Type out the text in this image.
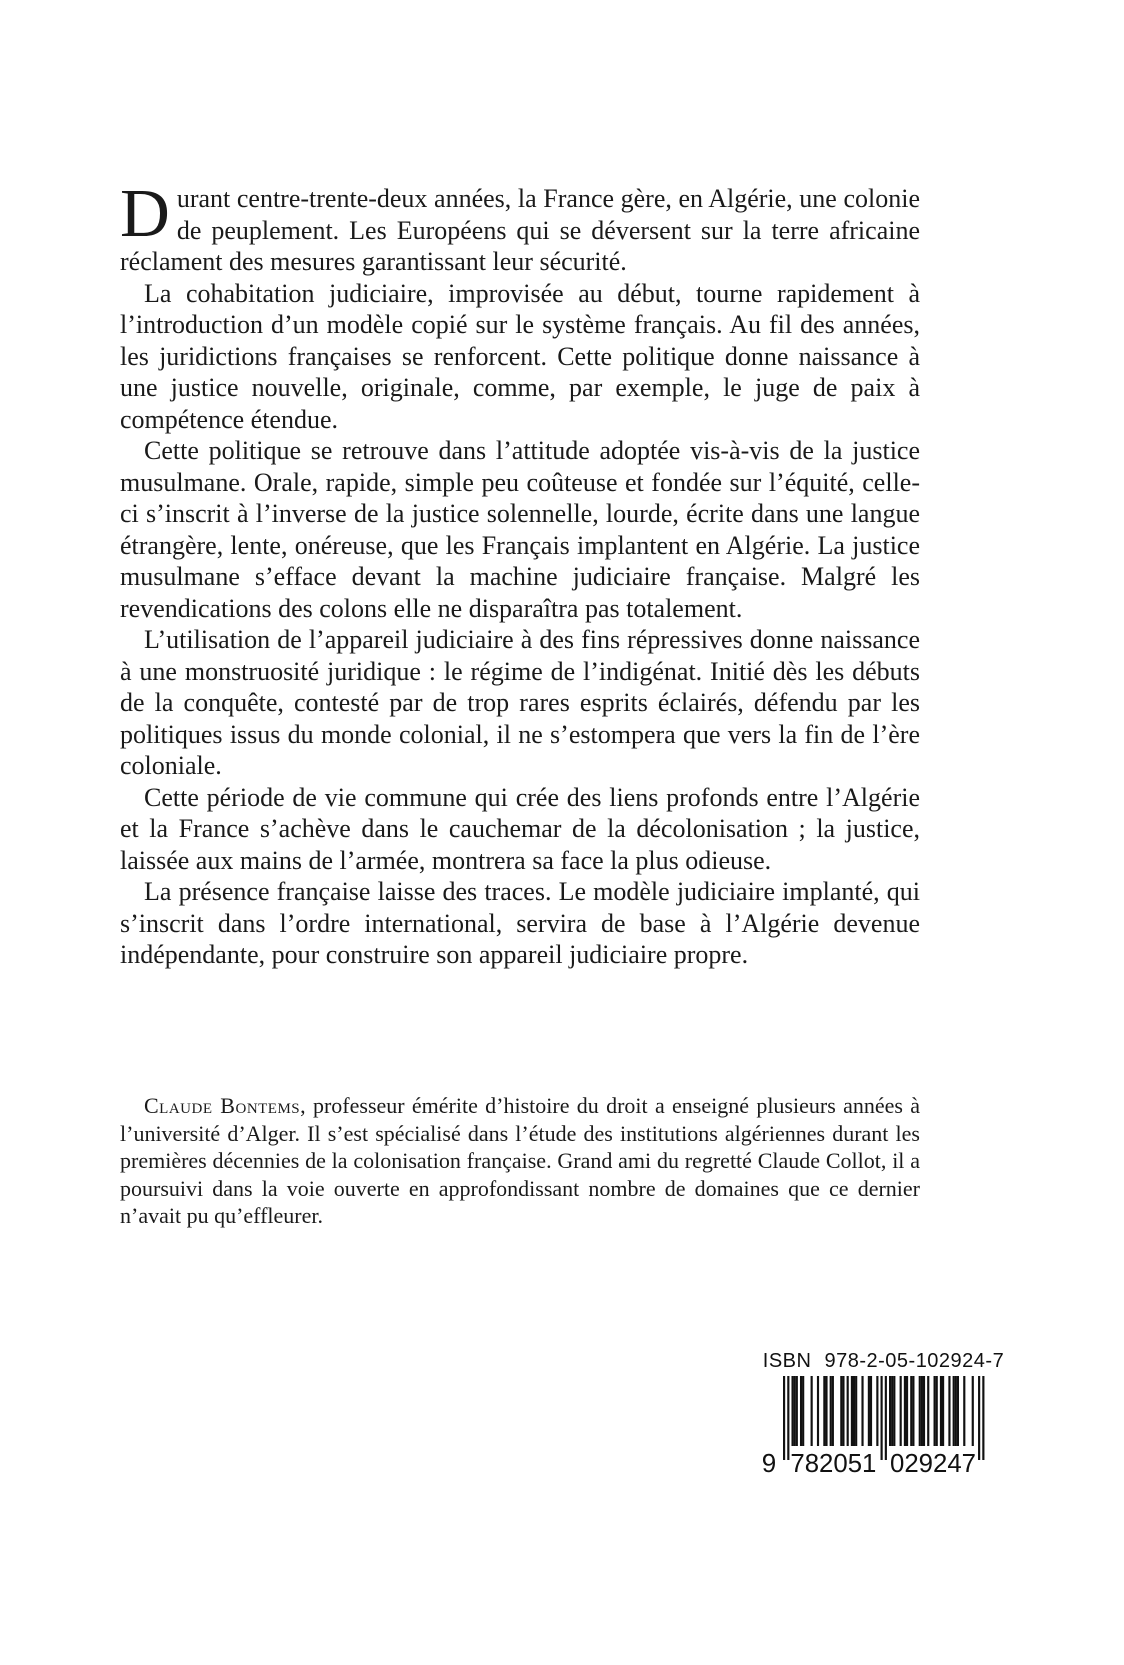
Durant centre-trente-deux années, la France gère, en Algérie, une colonie de peuplement. Les Européens qui se déversent sur la terre africaine réclament des mesures garantissant leur sécurité.

La cohabitation judiciaire, improvisée au début, tourne rapidement à l’introduction d’un modèle copié sur le système français. Au fil des années, les juridictions françaises se renforcent. Cette politique donne naissance à une justice nouvelle, originale, comme, par exemple, le juge de paix à compétence étendue.

Cette politique se retrouve dans l’attitude adoptée vis-à-vis de la justice musulmane. Orale, rapide, simple peu coûteuse et fondée sur l’équité, celle-ci s’inscrit à l’inverse de la justice solennelle, lourde, écrite dans une langue étrangère, lente, onéreuse, que les Français implantent en Algérie. La justice musulmane s’efface devant la machine judiciaire française. Malgré les revendications des colons elle ne disparaîtra pas totalement.

L’utilisation de l’appareil judiciaire à des fins répressives donne naissance à une monstruosité juridique : le régime de l’indigénat. Initié dès les débuts de la conquête, contesté par de trop rares esprits éclairés, défendu par les politiques issus du monde colonial, il ne s’estompera que vers la fin de l’ère coloniale.

Cette période de vie commune qui crée des liens profonds entre l’Algérie et la France s’achève dans le cauchemar de la décolonisation ; la justice, laissée aux mains de l’armée, montrera sa face la plus odieuse.

La présence française laisse des traces. Le modèle judiciaire implanté, qui s’inscrit dans l’ordre international, servira de base à l’Algérie devenue indépendante, pour construire son appareil judiciaire propre.

Claude Bontems, professeur émérite d’histoire du droit a enseigné plusieurs années à l’université d’Alger. Il s’est spécialisé dans l’étude des institutions algériennes durant les premières décennies de la colonisation française. Grand ami du regretté Claude Collot, il a poursuivi dans la voie ouverte en approfondissant nombre de domaines que ce dernier n’avait pu qu’effleurer.

ISBN 978-2-05-102924-7
9 782051 029247
